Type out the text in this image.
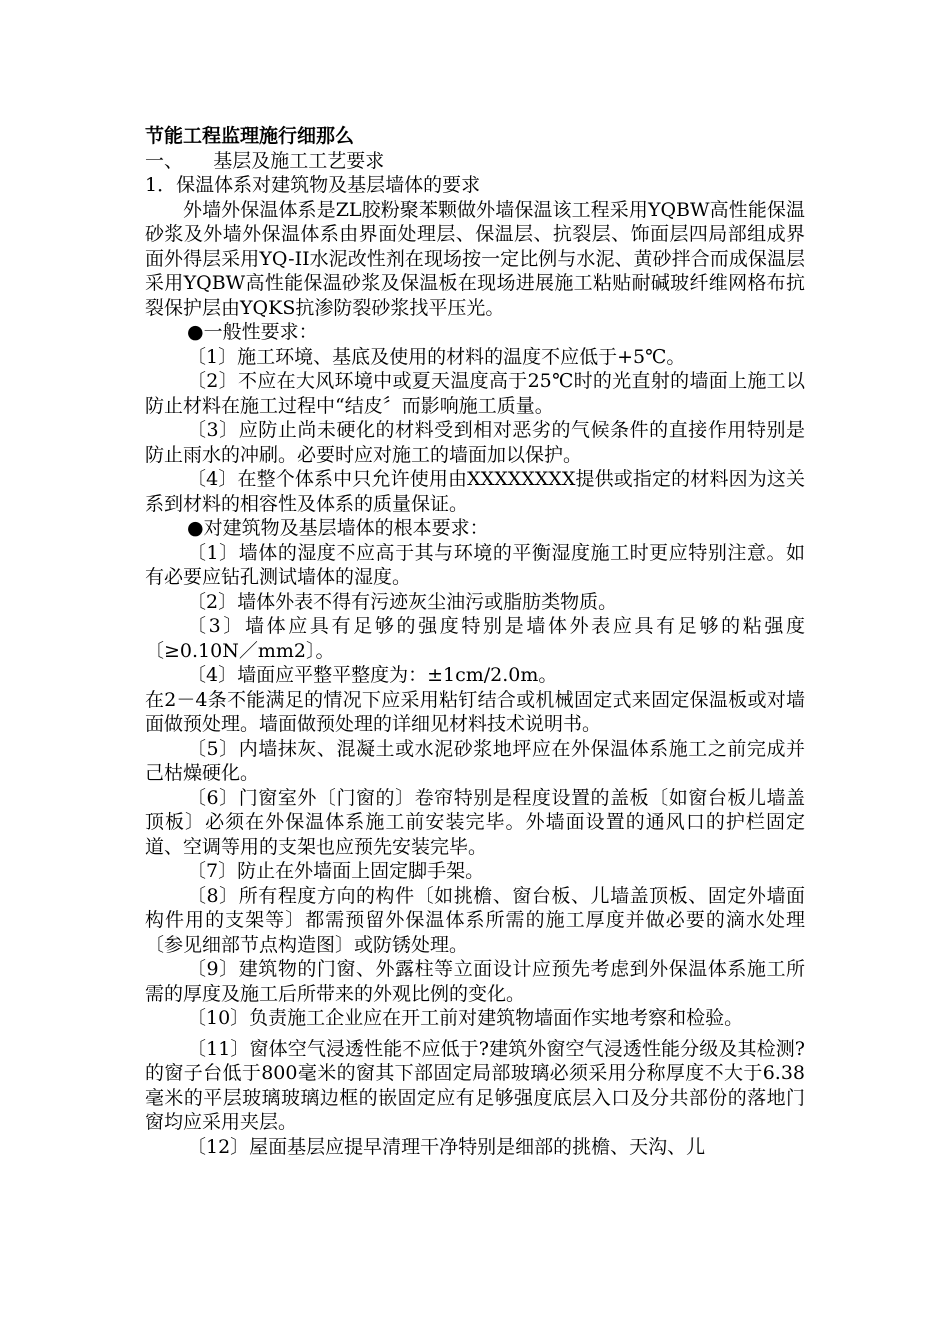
节能工程监理施行细那么

一、     基层及施工工艺要求

1．保温体系对建筑物及基层墙体的要求

外墙外保温体系是ZL胶粉聚苯颗做外墙保温该工程采用YQBW高性能保温砂浆及外墙外保温体系由界面处理层、保温层、抗裂层、饰面层四局部组成界面外得层采用YQ-II水泥改性剂在现场按一定比例与水泥、黄砂拌合而成保温层采用YQBW高性能保温砂浆及保温板在现场进展施工粘贴耐碱玻纤维网格布抗裂保护层由YQKS抗渗防裂砂浆找平压光。

●一般性要求：

〔1〕施工环境、基底及使用的材料的温度不应低于+5℃。

〔2〕不应在大风环境中或夏天温度高于25℃时的光直射的墙面上施工以防止材料在施工过程中“结皮〞而影响施工质量。

〔3〕应防止尚未硬化的材料受到相对恶劣的气候条件的直接作用特别是防止雨水的冲刷。必要时应对施工的墙面加以保护。

〔4〕在整个体系中只允许使用由XXXXXXXX提供或指定的材料因为这关系到材料的相容性及体系的质量保证。

●对建筑物及基层墙体的根本要求：

〔1〕墙体的湿度不应高于其与环境的平衡湿度施工时更应特别注意。如有必要应钻孔测试墙体的湿度。

〔2〕墙体外表不得有污迹灰尘油污或脂肪类物质。

〔3〕墙体应具有足够的强度特别是墙体外表应具有足够的粘强度〔≥0.10N／mm2〕。

〔4〕墙面应平整平整度为：±1cm/2.0m。

在2－4条不能满足的情况下应采用粘钉结合或机械固定式来固定保温板或对墙面做预处理。墙面做预处理的详细见材料技术说明书。

〔5〕内墙抹灰、混凝土或水泥砂浆地坪应在外保温体系施工之前完成并己枯燥硬化。

〔6〕门窗室外〔门窗的〕卷帘特别是程度设置的盖板〔如窗台板儿墙盖顶板〕必须在外保温体系施工前安装完毕。外墙面设置的通风口的护栏固定道、空调等用的支架也应预先安装完毕。

〔7〕防止在外墙面上固定脚手架。

〔8〕所有程度方向的构件〔如挑檐、窗台板、儿墙盖顶板、固定外墙面构件用的支架等〕都需预留外保温体系所需的施工厚度并做必要的滴水处理〔参见细部节点构造图〕或防锈处理。

〔9〕建筑物的门窗、外露柱等立面设计应预先考虑到外保温体系施工所需的厚度及施工后所带来的外观比例的变化。

〔10〕负责施工企业应在开工前对建筑物墙面作实地考察和检验。

〔11〕窗体空气浸透性能不应低于?建筑外窗空气浸透性能分级及其检测?的窗子台低于800毫米的窗其下部固定局部玻璃必须采用分称厚度不大于6.38毫米的平层玻璃玻璃边框的嵌固定应有足够强度底层入口及分共部份的落地门窗均应采用夹层。

〔12〕屋面基层应提早清理干净特别是细部的挑檐、天沟、儿
